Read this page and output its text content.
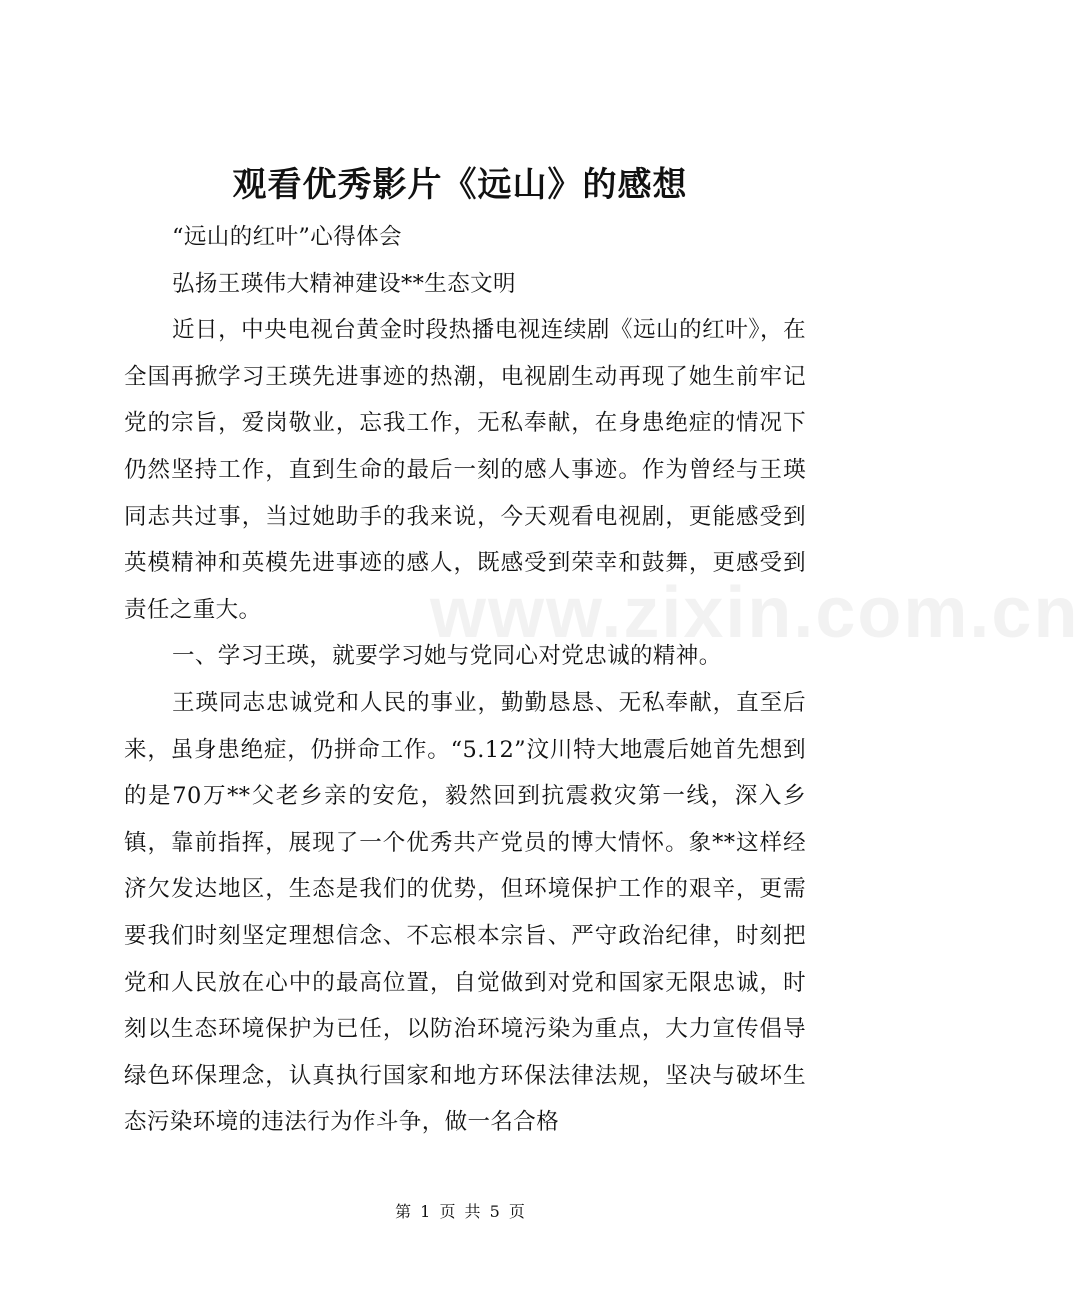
www.zixin.com.cn
观看优秀影片《远山》的感想

“远山的红叶”心得体会

弘扬王瑛伟大精神建设**生态文明

近日，中央电视台黄金时段热播电视连续剧《远山的红叶》，在全国再掀学习王瑛先进事迹的热潮，电视剧生动再现了她生前牢记党的宗旨，爱岗敬业，忘我工作，无私奉献，在身患绝症的情况下仍然坚持工作，直到生命的最后一刻的感人事迹。作为曾经与王瑛同志共过事，当过她助手的我来说，今天观看电视剧，更能感受到英模精神和英模先进事迹的感人，既感受到荣幸和鼓舞，更感受到责任之重大。

一、学习王瑛，就要学习她与党同心对党忠诚的精神。

王瑛同志忠诚党和人民的事业，勤勤恳恳、无私奉献，直至后来，虽身患绝症，仍拼命工作。“5.12”汶川特大地震后她首先想到的是70万**父老乡亲的安危，毅然回到抗震救灾第一线，深入乡镇，靠前指挥，展现了一个优秀共产党员的博大情怀。象**这样经济欠发达地区，生态是我们的优势，但环境保护工作的艰辛，更需要我们时刻坚定理想信念、不忘根本宗旨、严守政治纪律，时刻把党和人民放在心中的最高位置，自觉做到对党和国家无限忠诚，时刻以生态环境保护为已任，以防治环境污染为重点，大力宣传倡导绿色环保理念，认真执行国家和地方环保法律法规，坚决与破坏生态污染环境的违法行为作斗争，做一名合格

第 1 页 共 5 页
